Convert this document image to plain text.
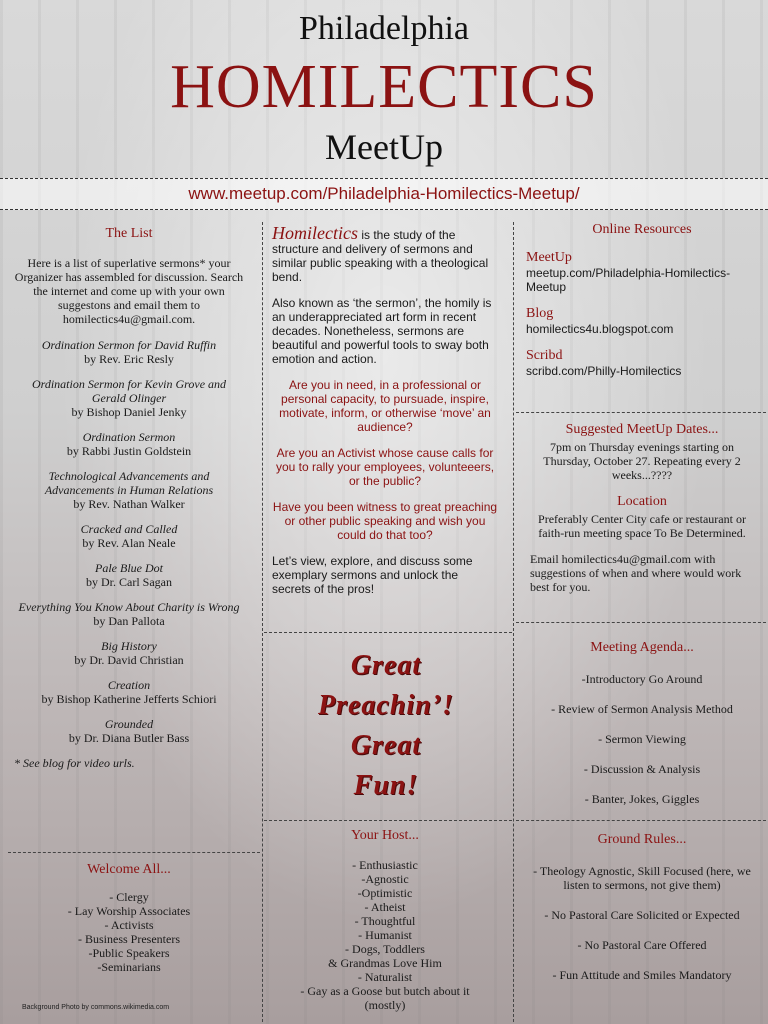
Philadelphia
HOMILECTICS
MeetUp
www.meetup.com/Philadelphia-Homilectics-Meetup/
The List
Here is a list of superlative sermons* your Organizer has assembled for discussion. Search the internet and come up with your own suggestons and email them to homilectics4u@gmail.com.
Ordination Sermon for David Ruffin
by Rev. Eric Resly
Ordination Sermon for Kevin Grove and Gerald Olinger
by Bishop Daniel Jenky
Ordination Sermon
by Rabbi Justin Goldstein
Technological Advancements and Advancements in Human Relations
by Rev. Nathan Walker
Cracked and Called
by Rev. Alan Neale
Pale Blue Dot
by Dr. Carl Sagan
Everything You Know About Charity is Wrong
by Dan Pallota
Big History
by Dr. David Christian
Creation
by Bishop Katherine Jefferts Schiori
Grounded
by Dr. Diana Butler Bass
* See blog for video urls.
Welcome All...
- Clergy
- Lay Worship Associates
- Activists
- Business Presenters
-Public Speakers
-Seminarians
Homilectics is the study of the structure and delivery of sermons and similar public speaking with a theological bend.
Also known as ‘the sermon’, the homily is an underappreciated art form in recent decades. Nonetheless, sermons are beautiful and powerful tools to sway both emotion and action.
Are you in need, in a professional or personal capacity, to pursuade, inspire, motivate, inform, or otherwise ‘move’ an audience?
Are you an Activist whose cause calls for you to rally your employees, volunteeers, or the public?
Have you been witness to great preaching or other public speaking and wish you could do that too?
Let’s view, explore, and discuss some exemplary sermons and unlock the secrets of the pros!
Great
Preachin’!
Great
Fun!
Your Host...
- Enthusiastic
-Agnostic
-Optimistic
- Atheist
- Thoughtful
- Humanist
- Dogs, Toddlers
& Grandmas Love Him
- Naturalist
- Gay as a Goose but butch about it
(mostly)
Online Resources
MeetUp
meetup.com/Philadelphia-Homilectics-Meetup
Blog
homilectics4u.blogspot.com
Scribd
scribd.com/Philly-Homilectics
Suggested MeetUp Dates...
7pm on Thursday evenings starting on Thursday, October 27. Repeating every 2 weeks...????
Location
Preferably Center City cafe or restaurant or faith-run meeting space To Be Determined.
Email homilectics4u@gmail.com with suggestions of when and where would work best for you.
Meeting Agenda...
-Introductory Go Around
- Review of Sermon Analysis Method
- Sermon Viewing
- Discussion & Analysis
- Banter, Jokes, Giggles
Ground Rules...
- Theology Agnostic, Skill Focused (here, we listen to sermons, not give them)
- No Pastoral Care Solicited or Expected
- No Pastoral Care Offered
- Fun Attitude and Smiles Mandatory
Background Photo by commons.wikimedia.com
